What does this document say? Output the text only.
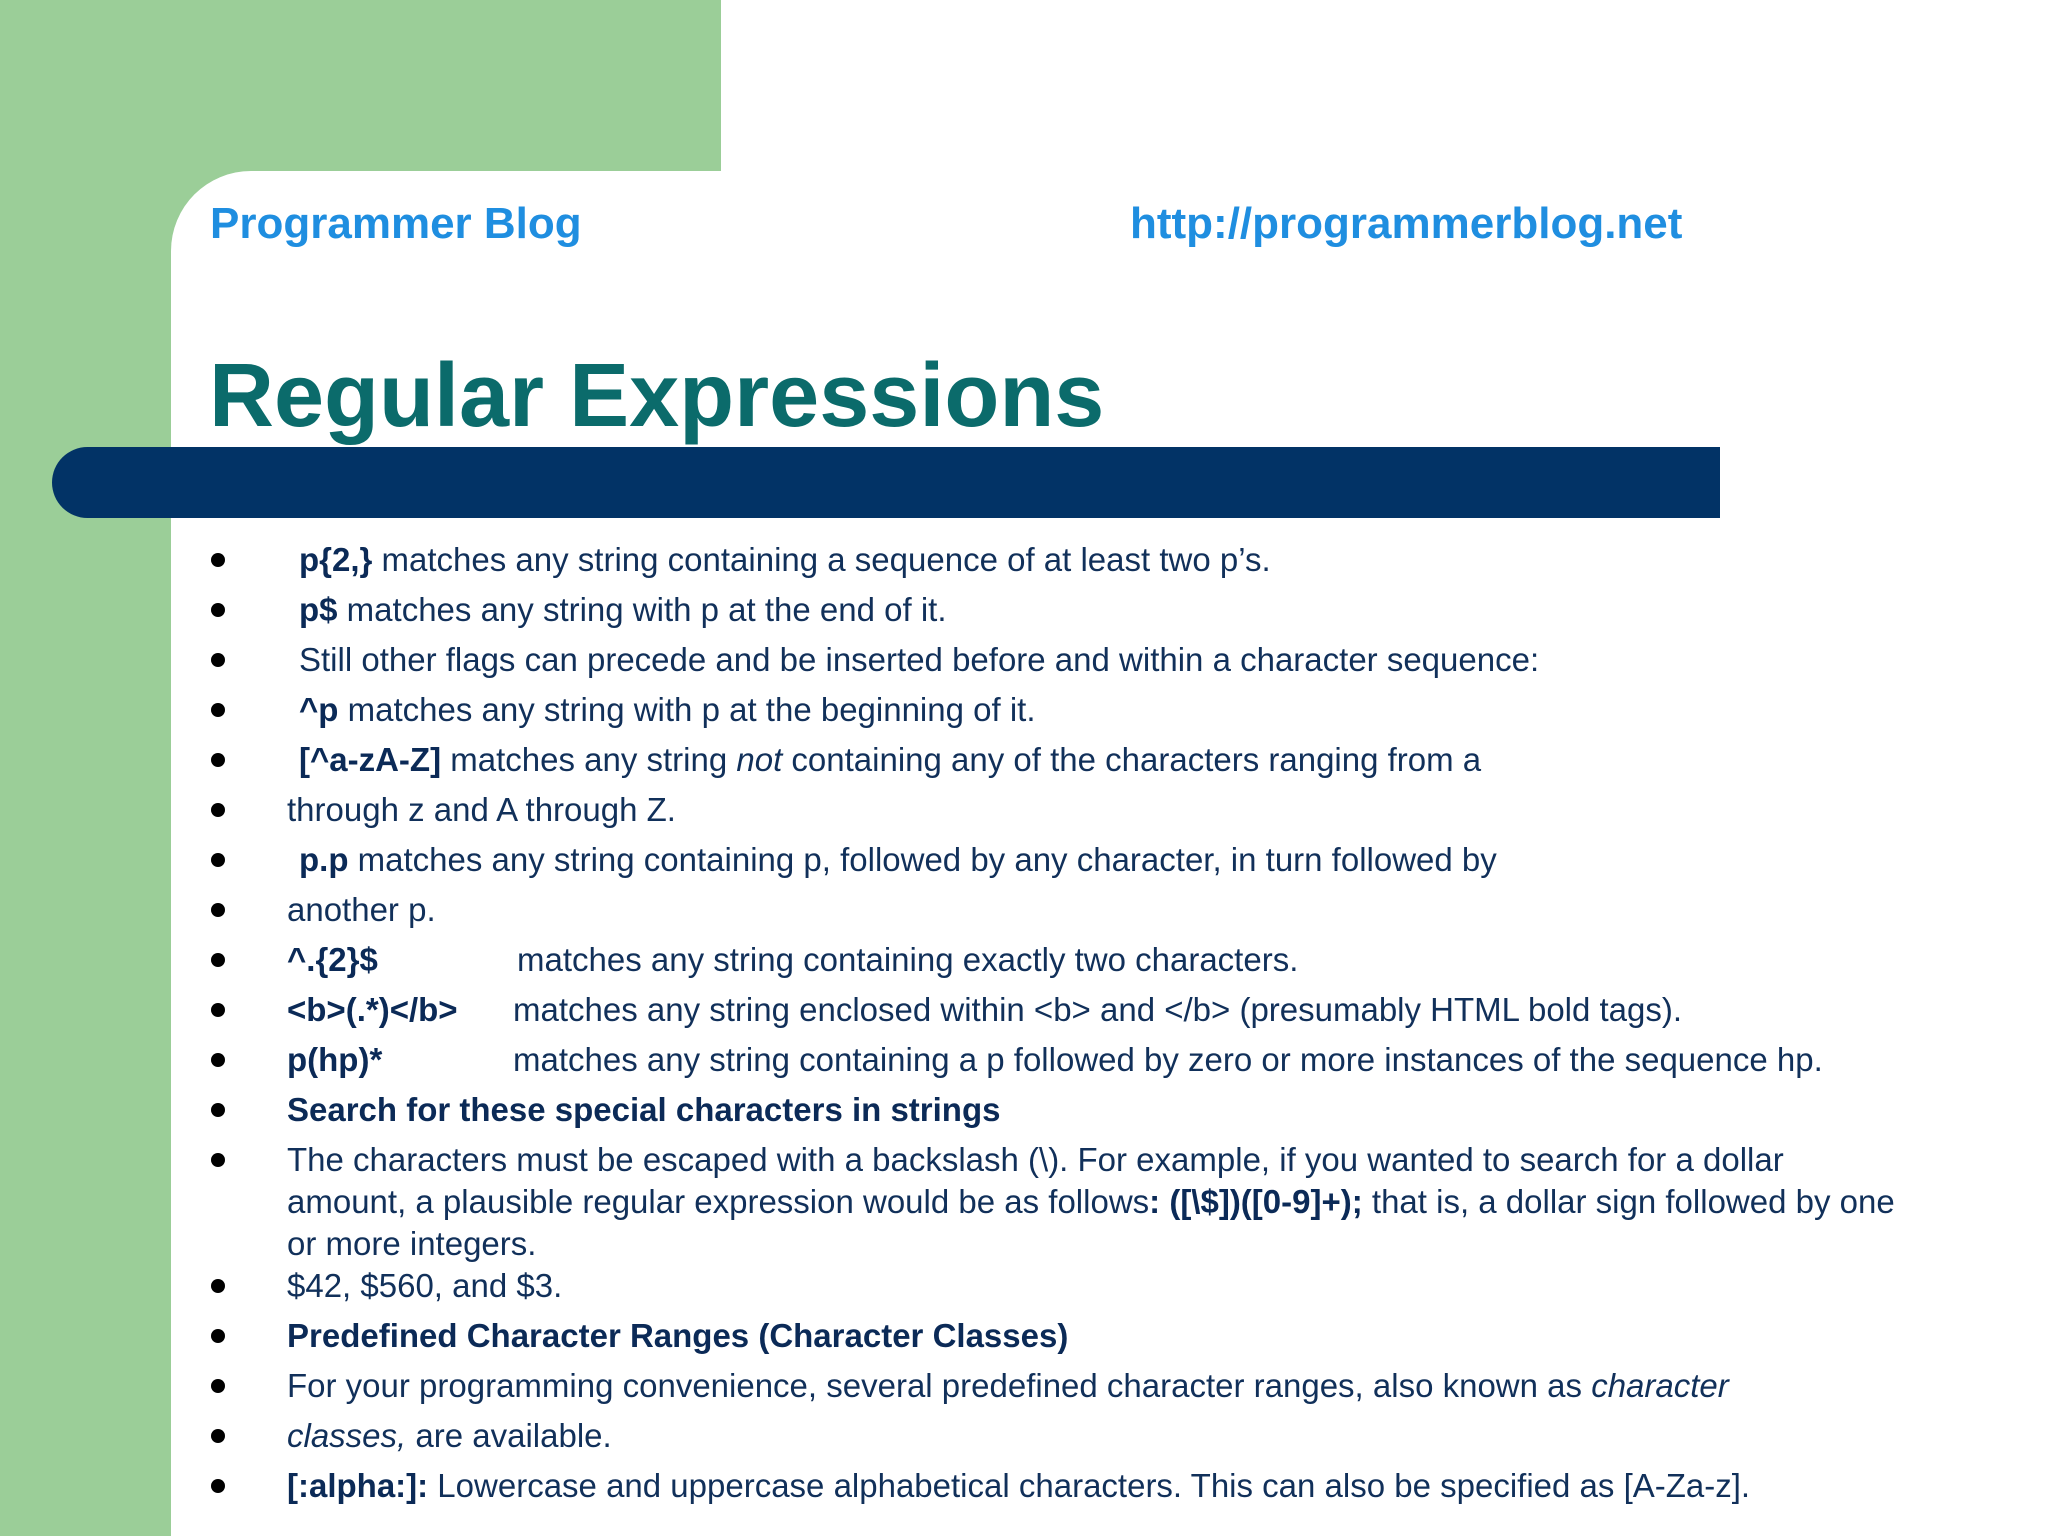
Programmer Blog	http://programmerblog.net
Regular Expressions
p{2,} matches any string containing a sequence of at least two p’s.
p$ matches any string with p at the end of it.
Still other flags can precede and be inserted before and within a character sequence:
^p matches any string with p at the beginning of it.
[^a-zA-Z] matches any string not containing any of the characters ranging from a
through z and A through Z.
p.p matches any string containing p, followed by any character, in turn followed by
another p.
^.{2}$	matches any string containing exactly two characters.
<b>(.*)</b> matches any string enclosed within <b> and </b> (presumably HTML bold tags).
p(hp)*	matches any string containing a p followed by zero or more instances of the sequence hp.
Search for these special characters in strings
The characters must be escaped with a backslash (\). For example, if you wanted to search for a dollar amount, a plausible regular expression would be as follows: ([\$])([0-9]+); that is, a dollar sign followed by one or more integers.
$42, $560, and $3.
Predefined Character Ranges (Character Classes)
For your programming convenience, several predefined character ranges, also known as character
classes, are available.
[:alpha:]: Lowercase and uppercase alphabetical characters. This can also be specified as [A-Za-z].
